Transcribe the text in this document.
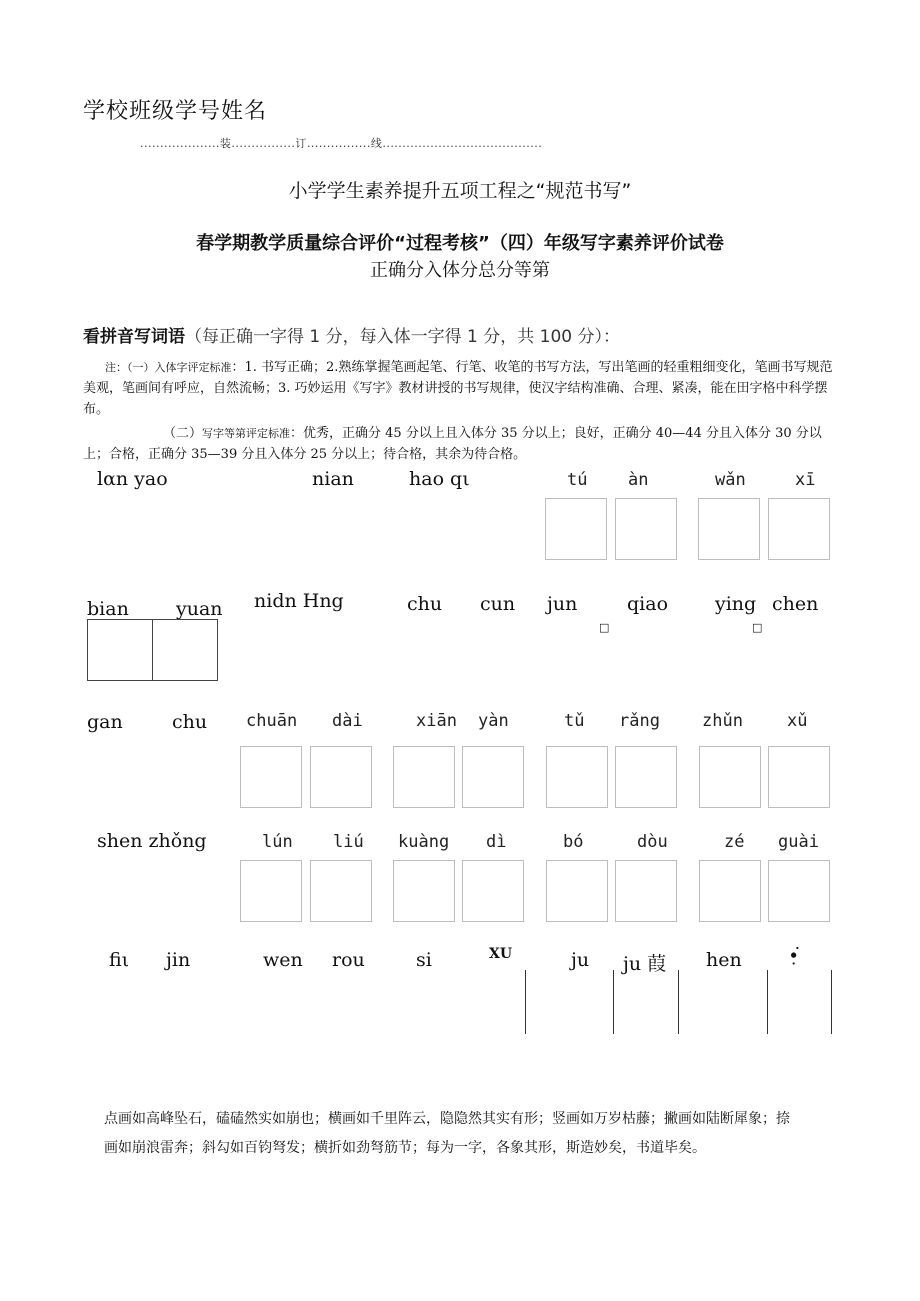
学校班级学号姓名
....................装................订................线........................................
小学学生素养提升五项工程之“规范书写”
春学期教学质量综合评价“过程考核”（四）年级写字素养评价试卷
正确分入体分总分等第
看拼音写词语（每正确一字得 1 分，每入体一字得 1 分，共 100 分）：
注：（一）入体字评定标准：1. 书写正确；2.熟练掌握笔画起笔、行笔、收笔的书写方法，写出笔画的轻重粗细变化，笔画书写规范美观，笔画间有呼应，自然流畅；3. 巧妙运用《写字》教材讲授的书写规律，使汉字结构准确、合理、紧凑，能在田字格中科学摆布。
（二）写字等第评定标准：优秀，正确分 45 分以上且入体分 35 分以上；良好，正确分 40—44 分且入体分 30 分以上；合格，正确分 35—39 分且入体分 25 分以上；待合格，其余为待合格。
lαn yao	nian	hao qι	tú àn	wǎn	xī
bian yuan nidn Hng	chu cun jun	qiao ying chen
□	□
gan	chu chuān dài	xiān yàn	tǔ rǎng zhǔn	xǔ
shen zhǒng	lún liú kuàng dì	bó	dòu	zé guài
fiι jin	wen rou	si	XU	ju ju 葭 hen ∙̣͘
点画如高峰坠石，磕磕然实如崩也；横画如千里阵云，隐隐然其实有形；竖画如万岁枯藤；撇画如陆断犀象；捺画如崩浪雷奔；斜勾如百钧弩发；横折如劲弩筋节；每为一字，各象其形，斯造妙矣，书道毕矣。
